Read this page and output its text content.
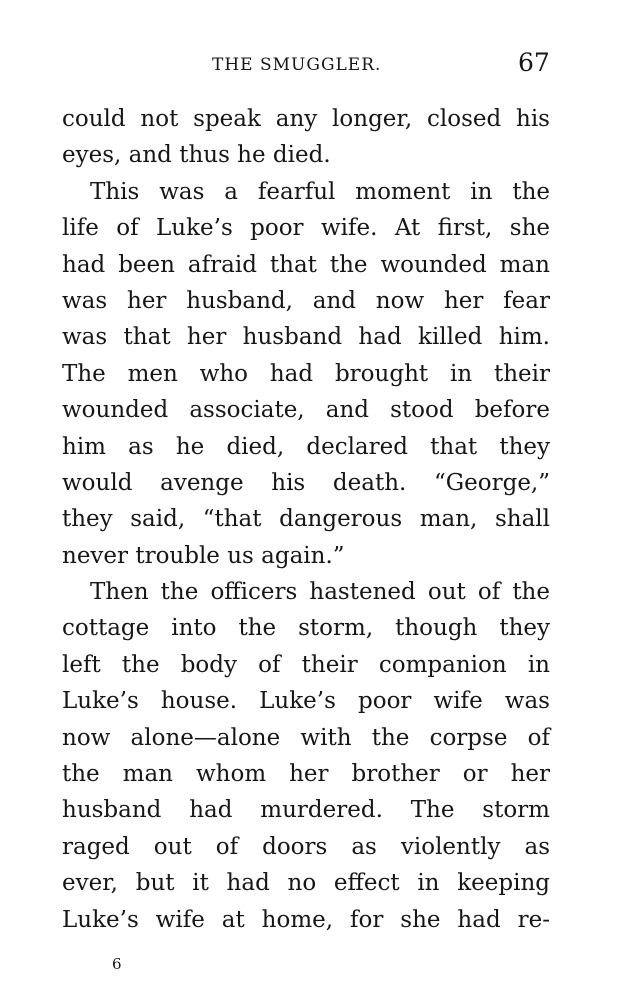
THE SMUGGLER.	67
could not speak any longer, closed his
eyes, and thus he died.
This was a fearful moment in the
life of Luke’s poor wife. At first, she
had been afraid that the wounded man
was her husband, and now her fear
was that her husband had killed him.
The men who had brought in their
wounded associate, and stood before
him as he died, declared that they
would avenge his death. “George,”
they said, “that dangerous man, shall
never trouble us again.”
Then the officers hastened out of the
cottage into the storm, though they
left the body of their companion in
Luke’s house. Luke’s poor wife was
now alone—alone with the corpse of
the man whom her brother or her
husband had murdered. The storm
raged out of doors as violently as
ever, but it had no effect in keeping
Luke’s wife at home, for she had re-
6
